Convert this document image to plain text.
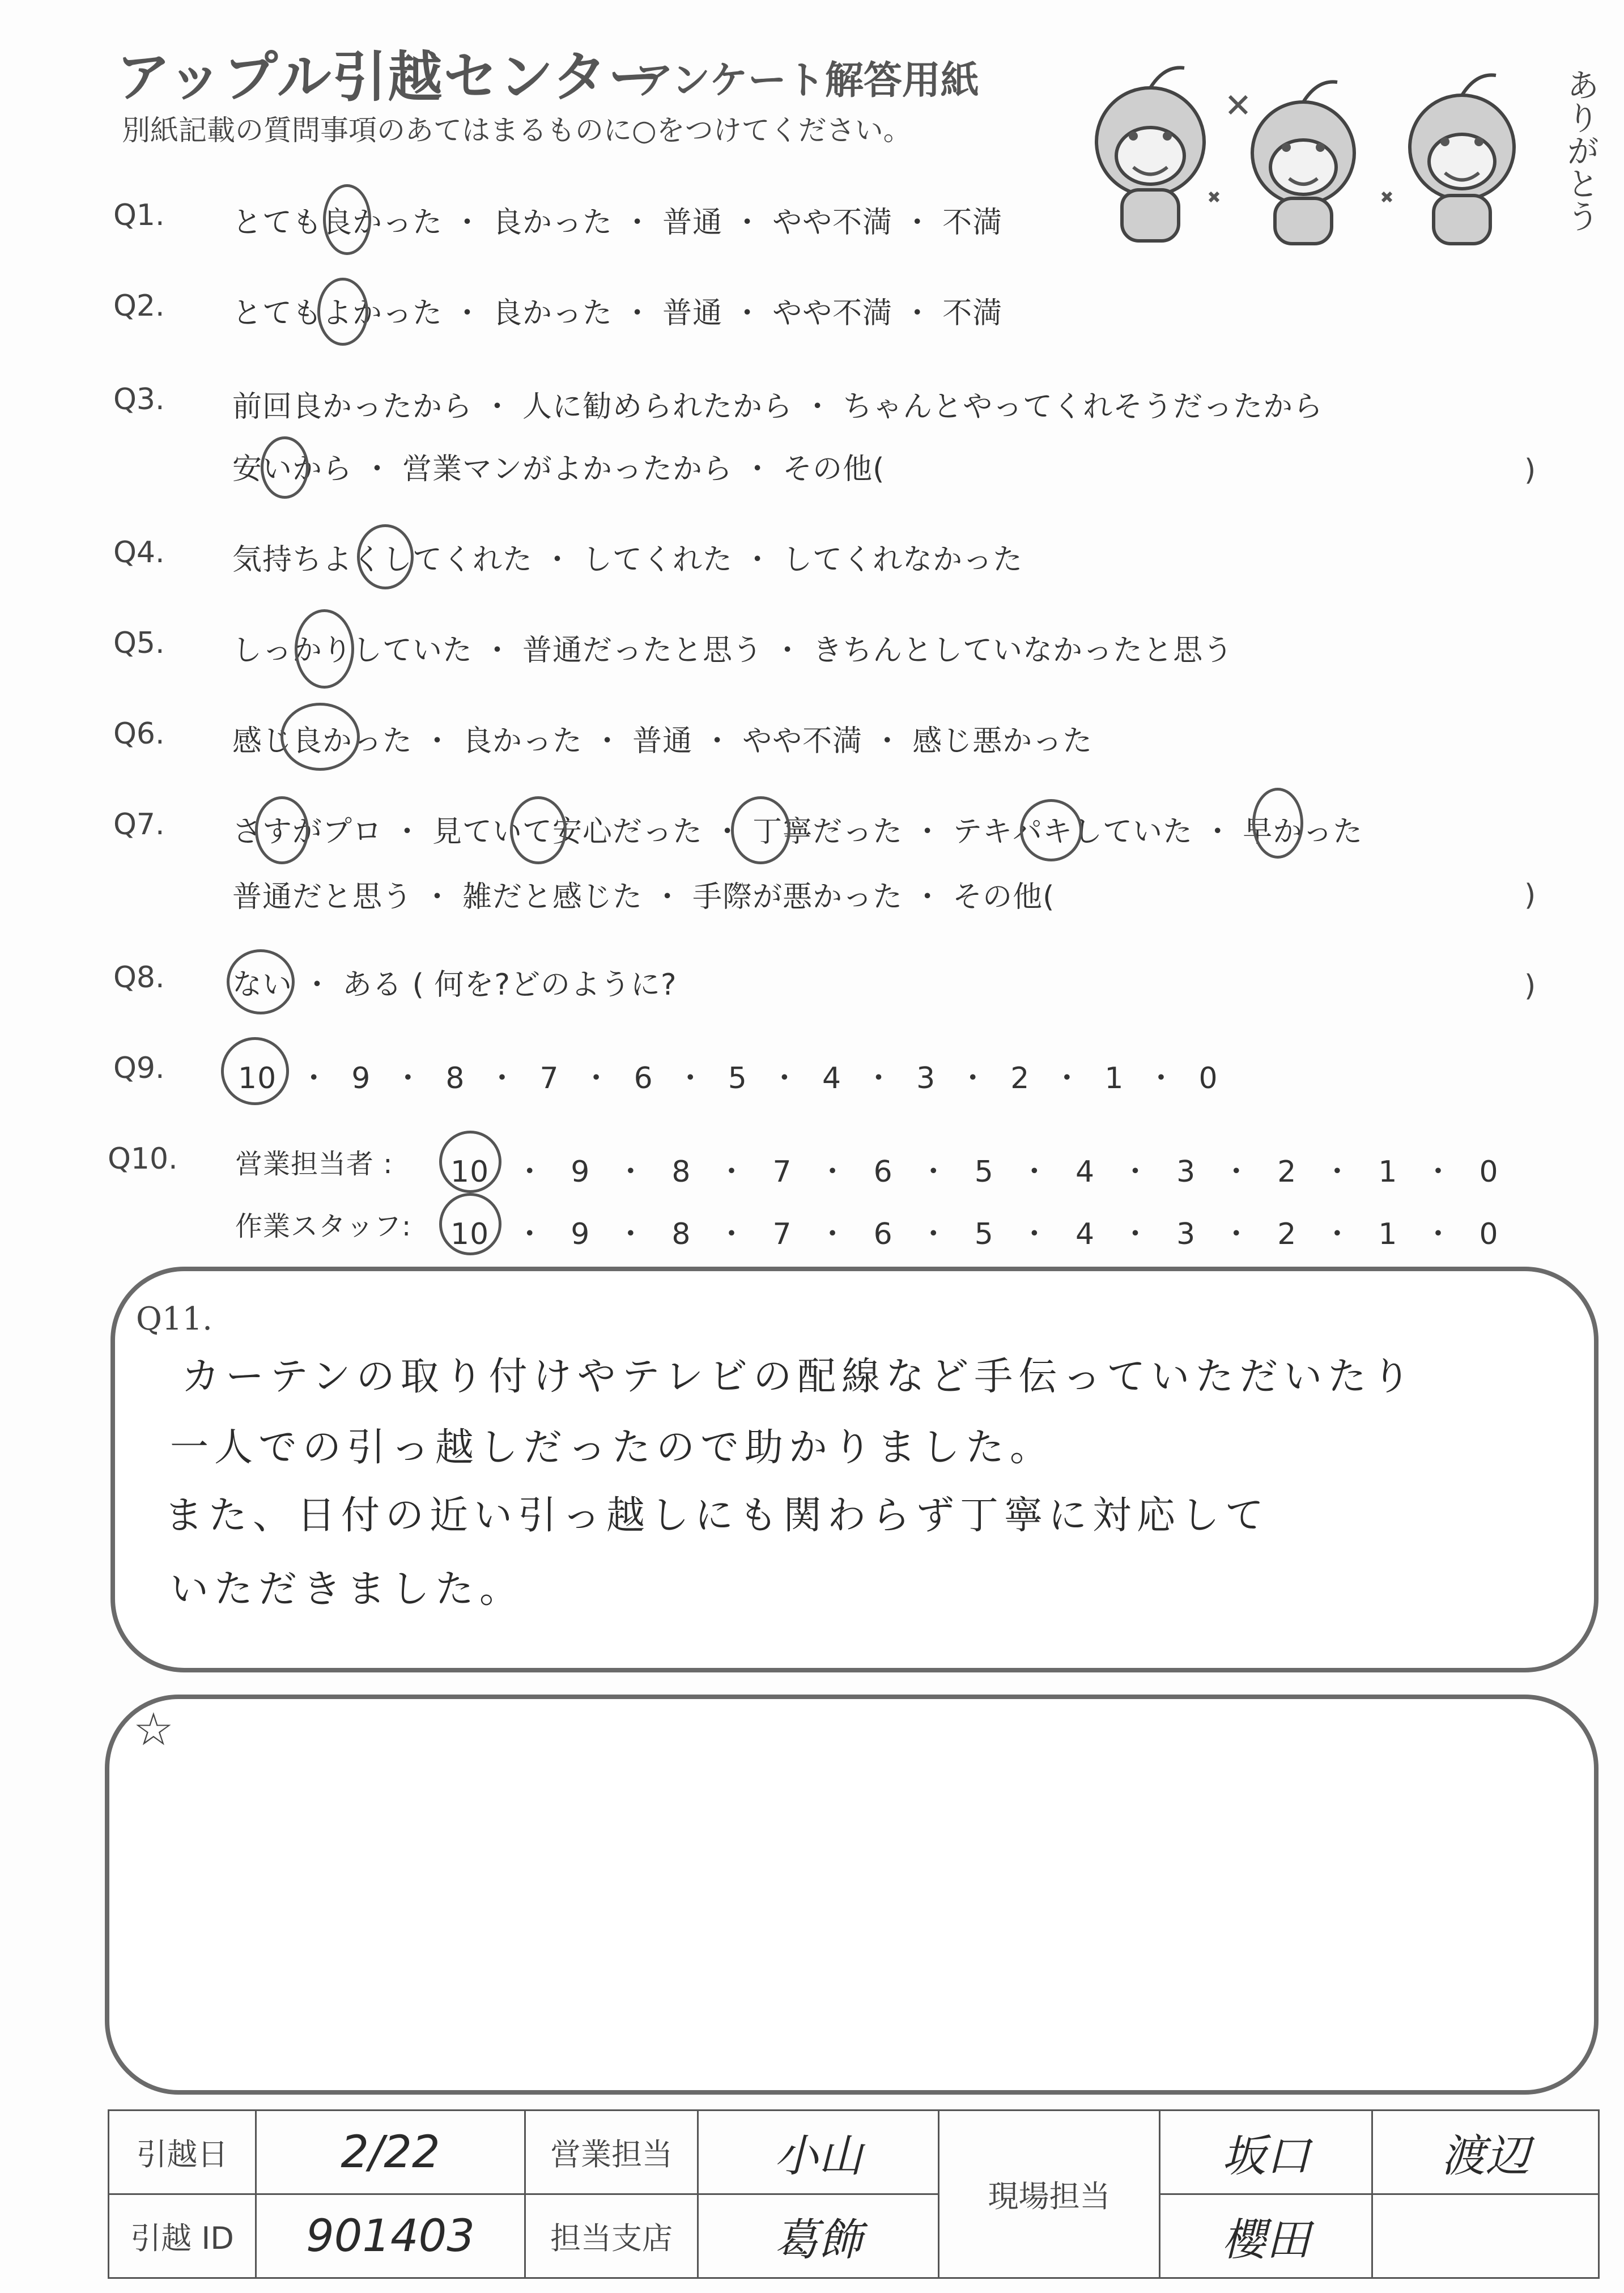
アップル引越センター
アンケート解答用紙
別紙記載の質問事項のあてはまるものに○をつけてください。	ありがとう
Q1. とても良かった ・ 良かった ・ 普通 ・ やや不満 ・ 不満
Q2. とてもよかった ・ 良かった ・ 普通 ・ やや不満 ・ 不満
Q3. 前回良かったから ・ 人に勧められたから ・ ちゃんとやってくれそうだったから
安いから ・ 営業マンがよかったから ・ その他(	)
Q4. 気持ちよくしてくれた ・ してくれた ・ してくれなかった
Q5. しっかりしていた ・ 普通だったと思う ・ きちんとしていなかったと思う
Q6. 感じ良かった ・ 良かった ・ 普通 ・ やや不満 ・ 感じ悪かった
Q7. さすがプロ ・ 見ていて安心だった ・ 丁寧だった ・ テキパキしていた ・ 早かった
普通だと思う ・ 雑だと感じた ・ 手際が悪かった ・ その他(	)
Q8. ない ・ ある ( 何を?どのように?	)
Q9. 10 ・ 9 ・ 8 ・ 7 ・ 6 ・ 5 ・ 4 ・ 3 ・ 2 ・ 1 ・ 0
Q10. 営業担当者 : 10 ・ 9 ・ 8 ・ 7 ・ 6 ・ 5 ・ 4 ・ 3 ・ 2 ・ 1 ・ 0
作業スタッフ: 10 ・ 9 ・ 8 ・ 7 ・ 6 ・ 5 ・ 4 ・ 3 ・ 2 ・ 1 ・ 0
Q11.
カーテンの取り付けやテレビの配線など手伝っていただいたり
一人での引っ越しだったので助かりました。
また、日付の近い引っ越しにも関わらず丁寧に対応して
いただきました。
☆
引越日	2/22	営業担当	小山	現場担当	坂口	渡辺
引越 ID	901403	担当支店	葛飾		櫻田	
